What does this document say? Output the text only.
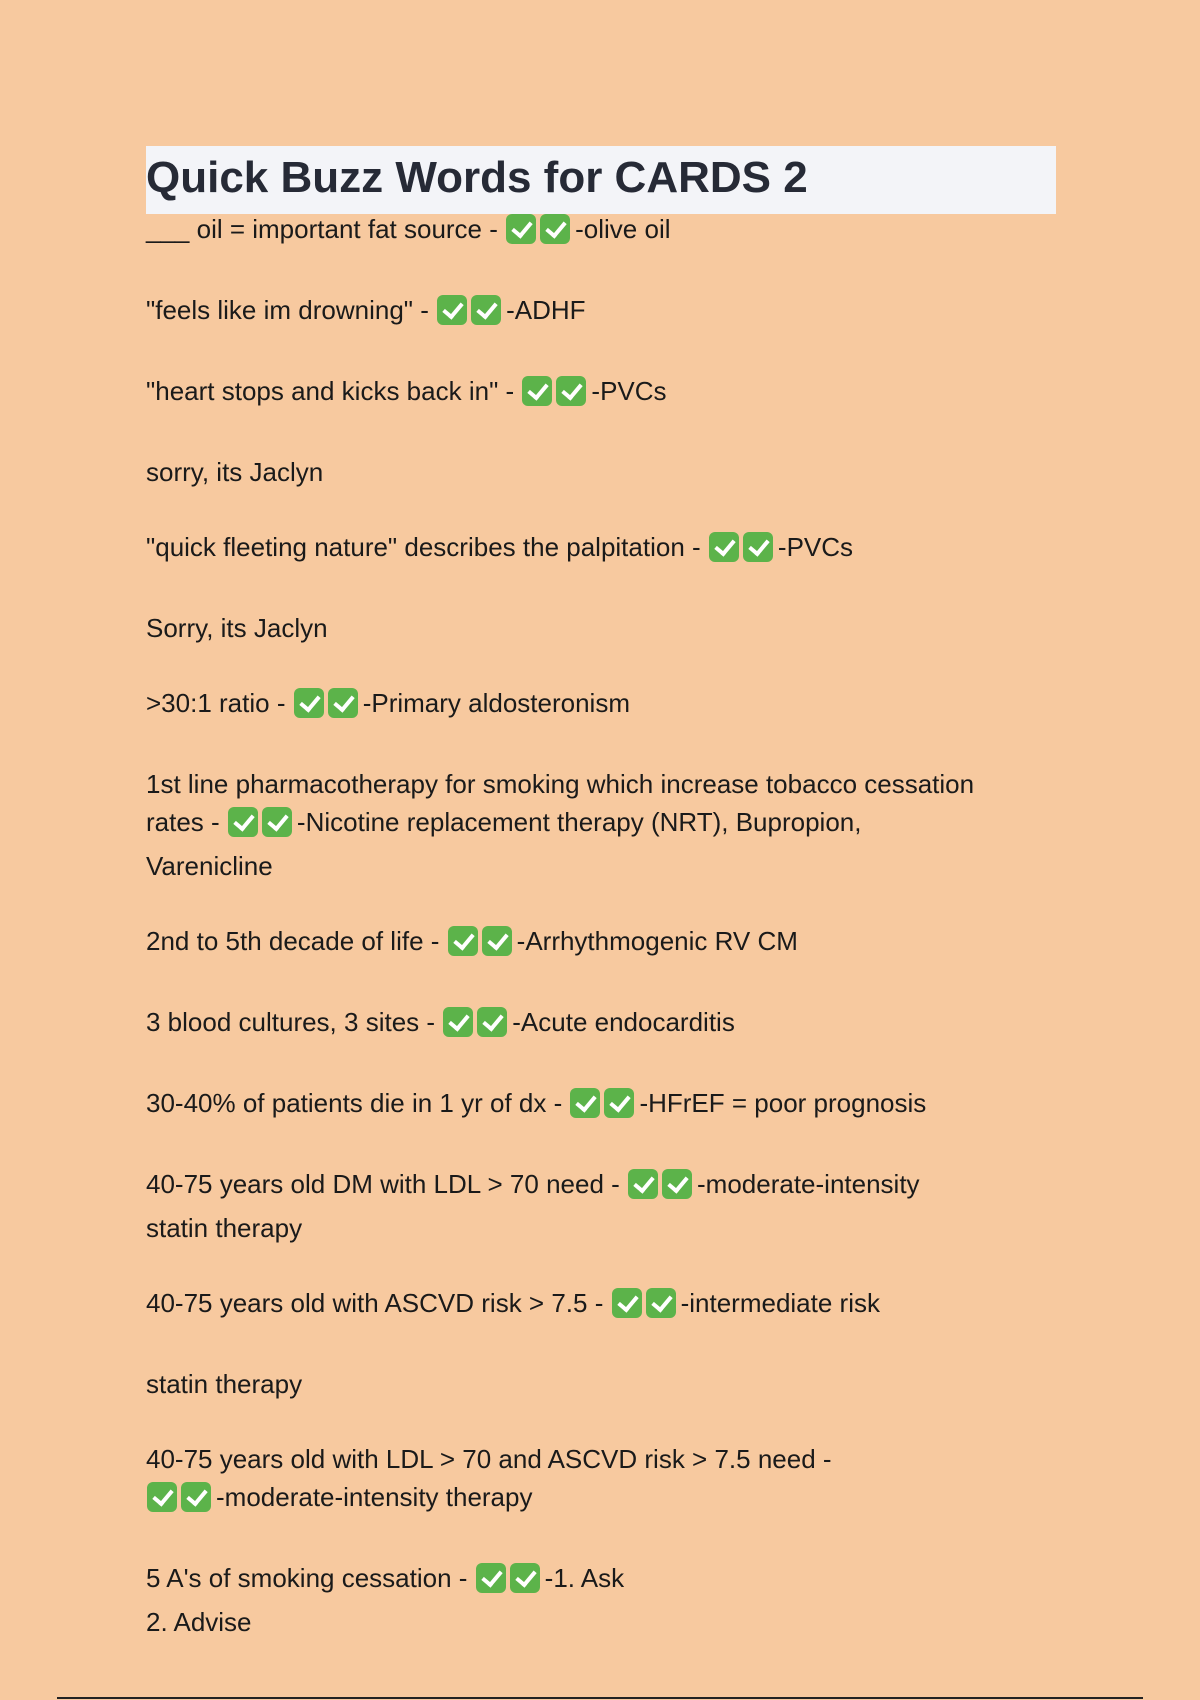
Quick Buzz Words for CARDS 2

___ oil = important fat source -	-olive oil

"feels like im drowning" -	-ADHF

"heart stops and kicks back in" -	-PVCs

sorry, its Jaclyn

"quick fleeting nature" describes the palpitation -	-PVCs

Sorry, its Jaclyn

>30:1 ratio -	-Primary aldosteronism

1st line pharmacotherapy for smoking which increase tobacco cessation
rates -	-Nicotine replacement therapy (NRT), Bupropion,
Varenicline

2nd to 5th decade of life -	-Arrhythmogenic RV CM

3 blood cultures, 3 sites -	-Acute endocarditis

30-40% of patients die in 1 yr of dx -	-HFrEF = poor prognosis

40-75 years old DM with LDL > 70 need -	-moderate-intensity
statin therapy

40-75 years old with ASCVD risk > 7.5 -	-intermediate risk

statin therapy

40-75 years old with LDL > 70 and ASCVD risk > 7.5 need -
-moderate-intensity therapy

5 A's of smoking cessation -	-1. Ask
2. Advise
